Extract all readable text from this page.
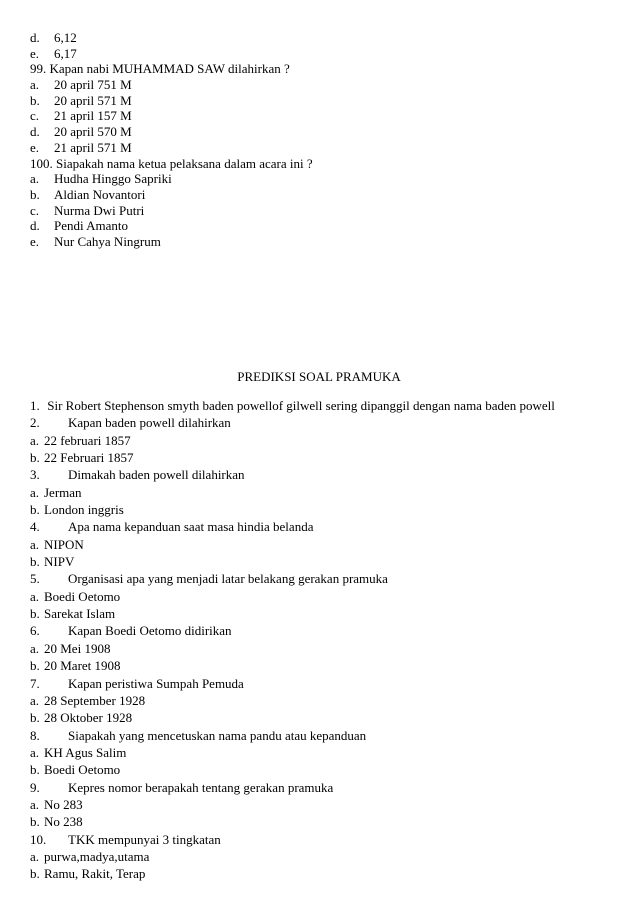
d. 6,12
e. 6,17
99. Kapan nabi MUHAMMAD SAW dilahirkan ?
a. 20 april 751 M
b. 20 april 571 M
c. 21 april 157 M
d. 20 april 570 M
e. 21 april 571 M
100. Siapakah nama ketua pelaksana dalam acara ini ?
a. Hudha Hinggo Sapriki
b. Aldian Novantori
c. Nurma Dwi Putri
d. Pendi Amanto
e. Nur Cahya Ningrum
PREDIKSI SOAL PRAMUKA
1. Sir Robert Stephenson smyth baden powellof gilwell sering dipanggil dengan nama baden powell
2. Kapan baden powell dilahirkan
a. 22 februari 1857
b. 22 Februari 1857
3. Dimakah baden powell dilahirkan
a. Jerman
b. London inggris
4. Apa nama kepanduan saat masa hindia belanda
a. NIPON
b. NIPV
5. Organisasi apa yang menjadi latar belakang gerakan pramuka
a. Boedi Oetomo
b. Sarekat Islam
6. Kapan Boedi Oetomo didirikan
a. 20 Mei 1908
b. 20 Maret 1908
7. Kapan peristiwa Sumpah Pemuda
a. 28 September 1928
b. 28 Oktober 1928
8. Siapakah yang mencetuskan nama pandu atau kepanduan
a. KH Agus Salim
b. Boedi Oetomo
9. Kepres nomor berapakah tentang gerakan pramuka
a. No 283
b. No 238
10. TKK mempunyai 3 tingkatan
a. purwa,madya,utama
b. Ramu, Rakit, Terap
